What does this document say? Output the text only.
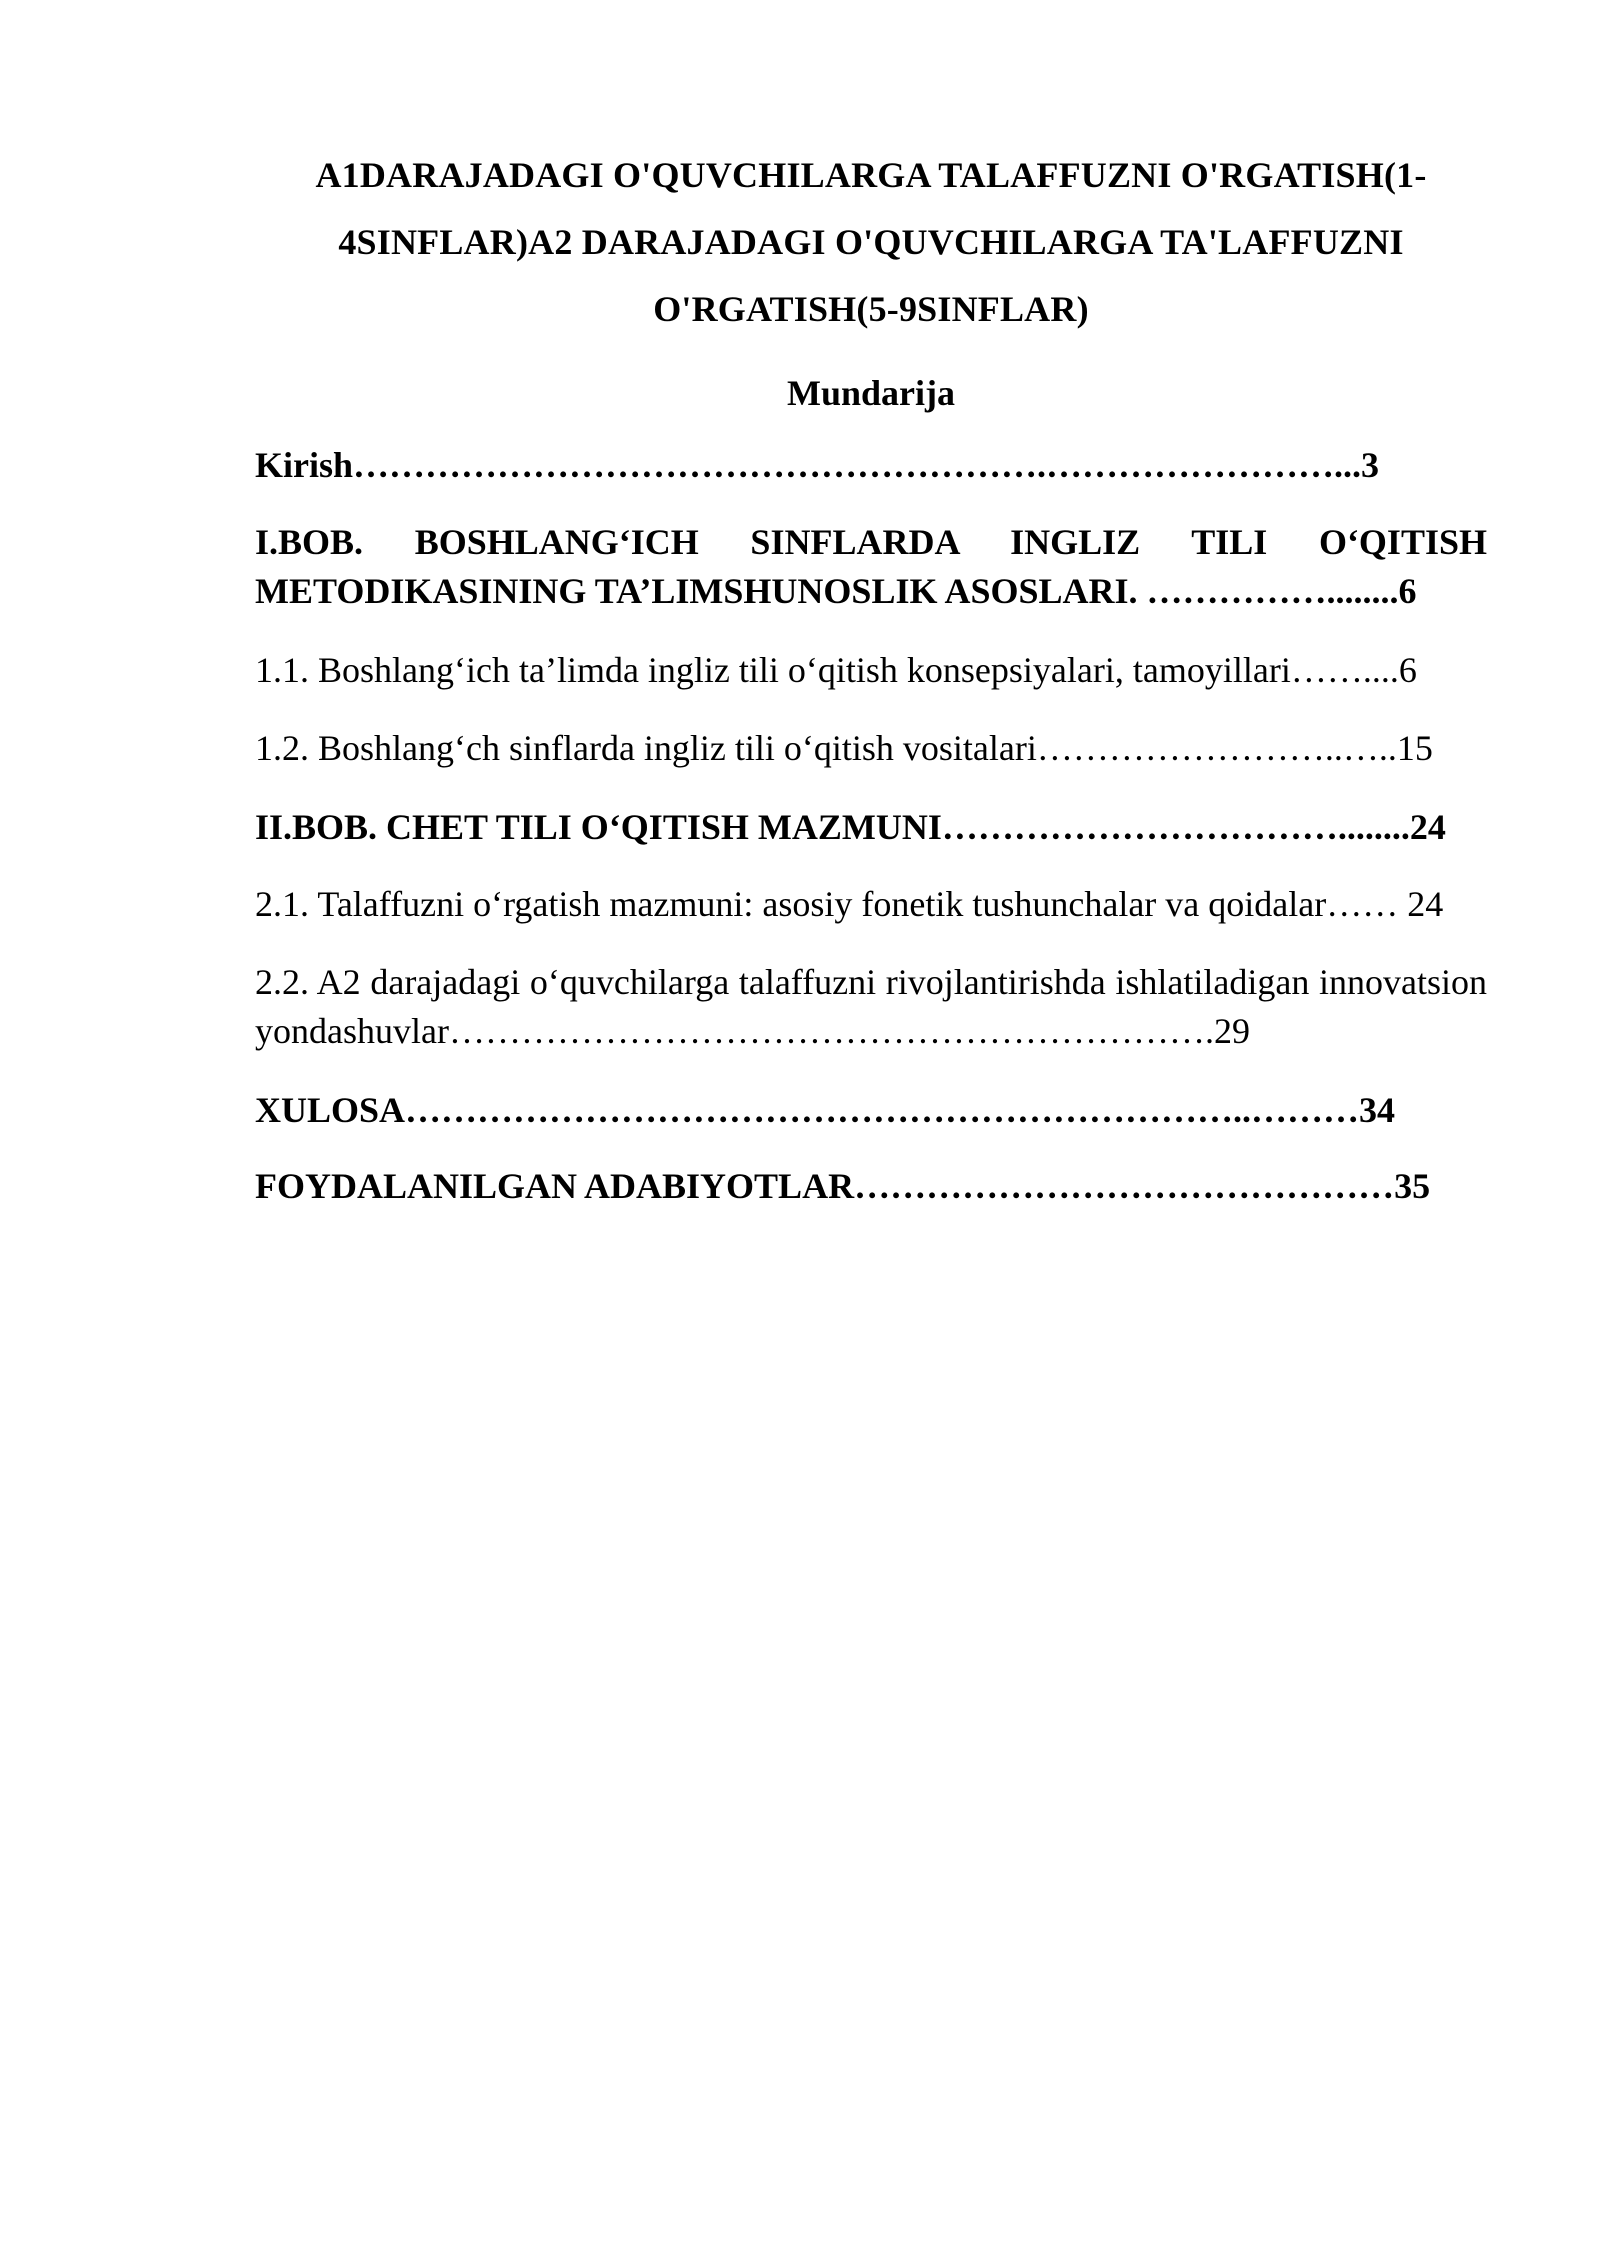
A1DARAJADAGI O'QUVCHILARGA TALAFFUZNI O'RGATISH(1-4SINFLAR)A2 DARAJADAGI O'QUVCHILARGA TA'LAFFUZNI O'RGATISH(5-9SINFLAR)
Mundarija
Kirish………………………………………………….……………………...3
I.BOB. BOSHLANG‘ICH SINFLARDA INGLIZ TILI O‘QITISH METODIKASINING TA’LIMSHUNOSLIK ASOSLARI. ……………........6
1.1. Boshlang‘ich ta’limda ingliz tili o‘qitish konsepsiyalari, tamoyillari……....6
1.2. Boshlang‘ch sinflarda ingliz tili o‘qitish vositalari……………………..…..15
II.BOB. CHET TILI O‘QITISH MAZMUNI……………………………........24
2.1. Talaffuzni o‘rgatish mazmuni: asosiy fonetik tushunchalar va qoidalar…… 24
2.2. A2 darajadagi o‘quvchilarga talaffuzni rivojlantirishda ishlatiladigan innovatsion yondashuvlar……………………………………………………….29
XULOSA……………………………………………………………..………34
FOYDALANILGAN ADABIYOTLAR………………………………………35
